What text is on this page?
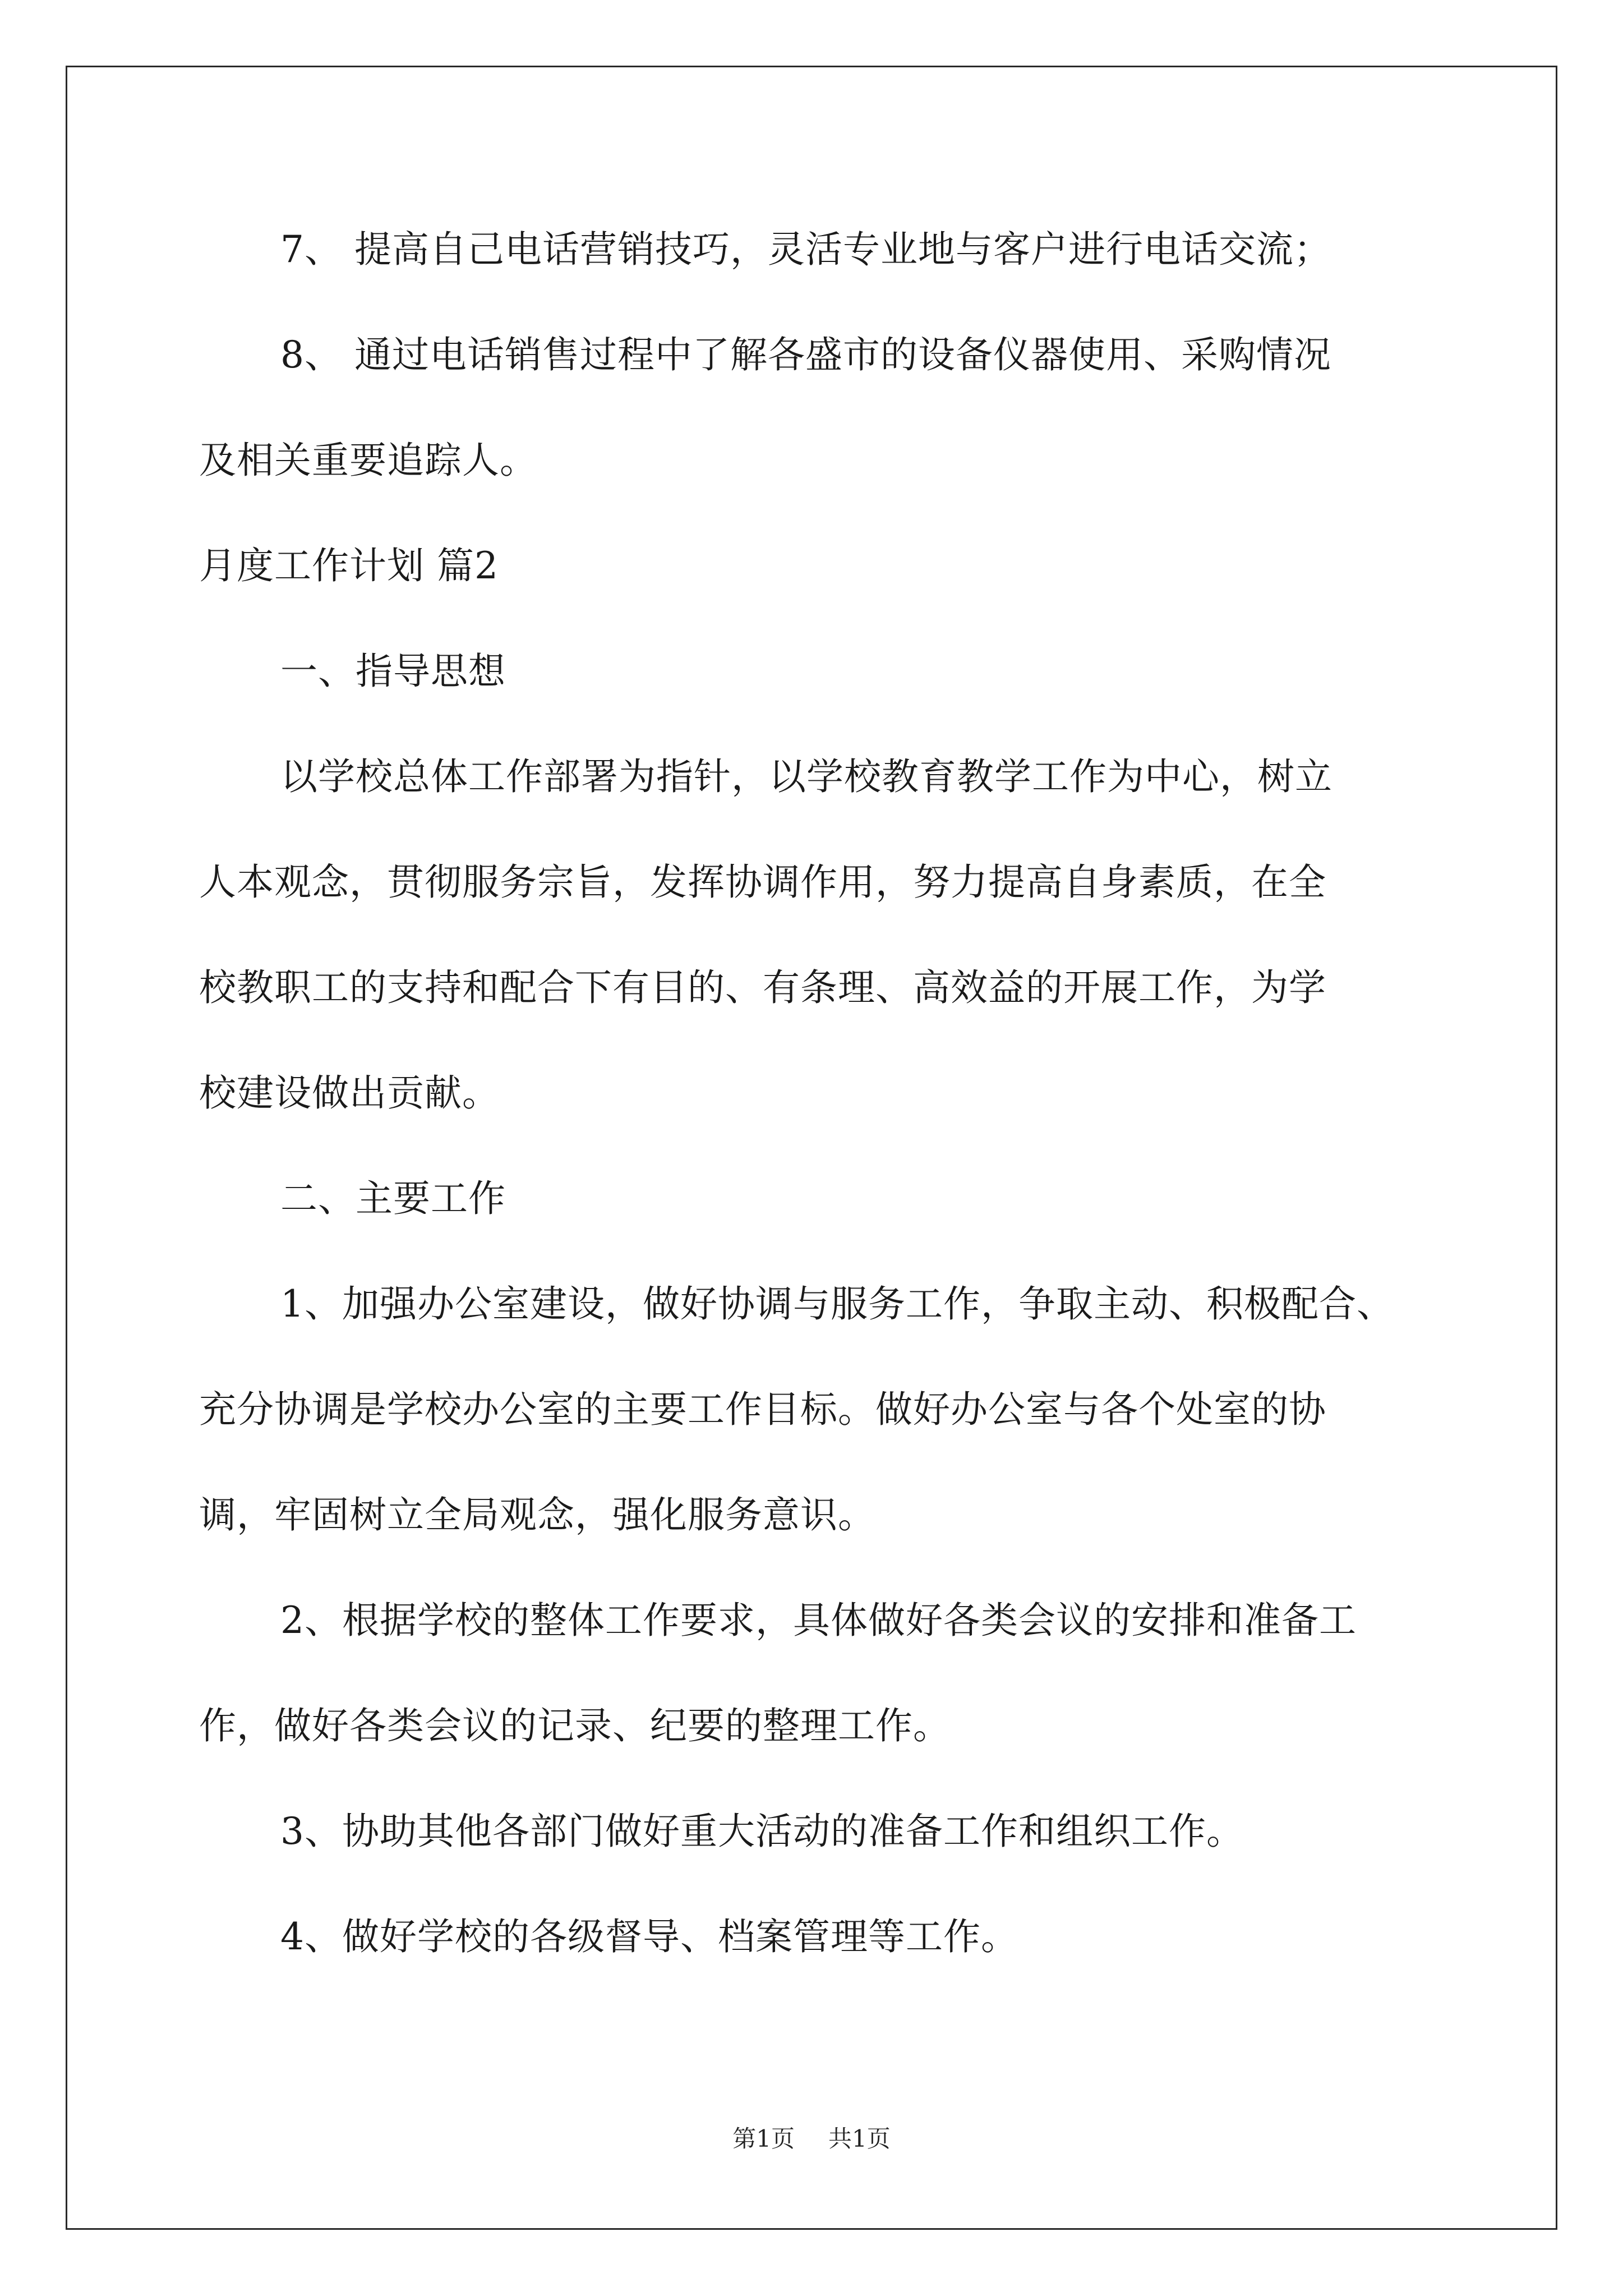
7、 提高自己电话营销技巧，灵活专业地与客户进行电话交流；

8、 通过电话销售过程中了解各盛市的设备仪器使用、采购情况

及相关重要追踪人。

月度工作计划 篇2

一、指导思想

以学校总体工作部署为指针，以学校教育教学工作为中心，树立

人本观念，贯彻服务宗旨，发挥协调作用，努力提高自身素质，在全

校教职工的支持和配合下有目的、有条理、高效益的开展工作，为学

校建设做出贡献。

二、主要工作

1、加强办公室建设，做好协调与服务工作，争取主动、积极配合、

充分协调是学校办公室的主要工作目标。做好办公室与各个处室的协

调，牢固树立全局观念，强化服务意识。

2、根据学校的整体工作要求，具体做好各类会议的安排和准备工

作，做好各类会议的记录、纪要的整理工作。

3、协助其他各部门做好重大活动的准备工作和组织工作。

4、做好学校的各级督导、档案管理等工作。

第1页 共1页
